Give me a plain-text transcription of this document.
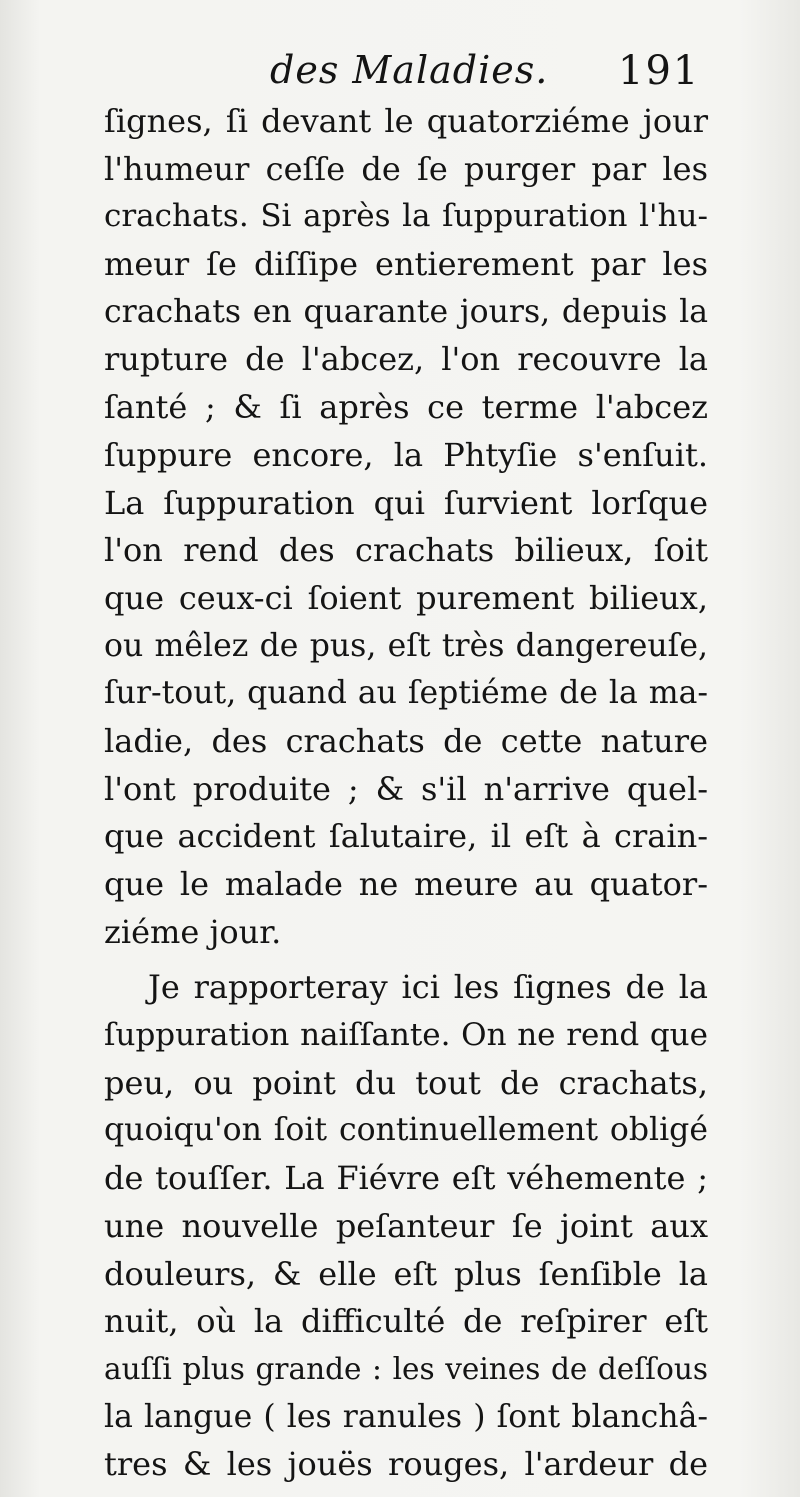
des Maladies. 191
ſignes, ſi devant le quatorziéme jour
l'humeur ceſſe de ſe purger par les
crachats. Si après la ſuppuration l'hu-
meur ſe diſſipe entierement par les
crachats en quarante jours, depuis la
rupture de l'abcez, l'on recouvre la
ſanté ; & ſi après ce terme l'abcez
ſuppure encore, la Phtyſie s'enſuit.
La ſuppuration qui ſurvient lorſque
l'on rend des crachats bilieux, ſoit
que ceux-ci ſoient purement bilieux,
ou mêlez de pus, eſt très dangereuſe,
ſur-tout, quand au ſeptiéme de la ma-
ladie, des crachats de cette nature
l'ont produite ; & s'il n'arrive quel-
que accident ſalutaire, il eſt à crain-
que le malade ne meure au quator-
ziéme jour.
Je rapporteray ici les ſignes de la
ſuppuration naiſſante. On ne rend que
peu, ou point du tout de crachats,
quoiqu'on ſoit continuellement obligé
de touſſer. La Fiévre eſt véhemente ;
une nouvelle peſanteur ſe joint aux
douleurs, & elle eſt plus ſenſible la
nuit, où la difficulté de reſpirer eſt
auſſi plus grande : les veines de deſſous
la langue ( les ranules ) ſont blanchâ-
tres & les jouës rouges, l'ardeur de
